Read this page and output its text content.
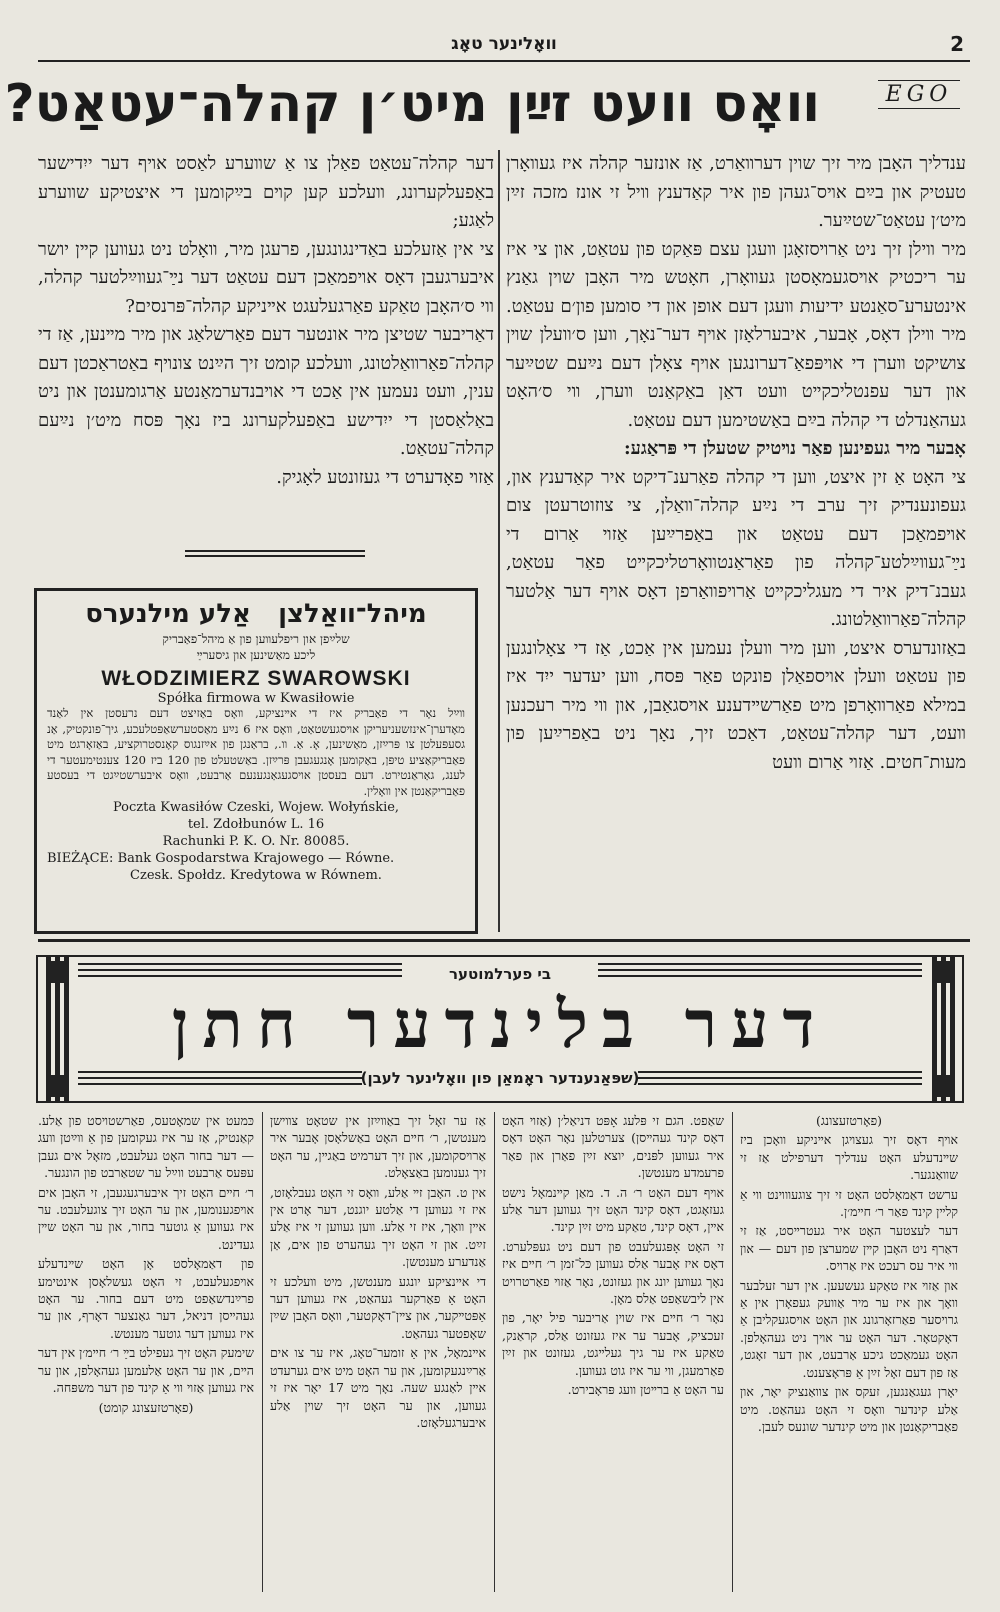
װאָלינער טאָג	2
EGO
װאָס װעט זײַן מיט׳ן קהלה־עטאַט?

ענדליך האָבן מיר זיך שוין דערװאַרט, אַז אונזער קהלה איז געװאָרן טעטיק און בײַם אױס־געהן פון איר קאַדענץ װיל זי אונז מזכה זײַן מיט׳ן עטאַט־שטײַער.

מיר װילן זיך ניט אַרױסזאָגן װעגן עצם פּאַקט פון עטאַט, און צי איז ער ריכטיק אױסגעמאָסטן געװאָרן, חאָטש מיר האָבן שױן גאַנץ אינטערע־סאַנטע ידיעות װעגן דעם אופן און די סומען פון׳ם עטאַט. מיר װילן דאָס, אָבער, איבערלאָזן אױף דער־נאָך, װען ס׳װעלן שױן צושיקט װערן די אױפּפאַ־דערונגען אױף צאָלן דעם נײַעם שטײַער און דער עפנטליכקײט װעט דאַן באַקאַנט װערן, װי ס׳האָט געהאַנדלט די קהלה בײַם באַשטימען דעם עטאַט.

אָבער מיר געפינען פאַר נױטיק שטעלן די פּראַגע:

צי האָט אַ זין איצט, װען די קהלה פאַרענ־דיקט איר קאַדענץ און, געפונענדיק זיך ערב די נײַע קהלה־װאַלן, צי צוזוטרעטן צום אױפמאַכן דעם עטאַט און באַפרײַען אַזױ אַרום די נײַ־געװײַלטע־קהלה פון פאַראַנטװאָרטליכקײט פאַר עטאַט, געבנ־דיק איר די מעגליכקײט אַרױפװאַרפן דאָס אױף דער אַלטער קהלה־פאַרװאַלטונג.

באַזונדערס איצט, װען מיר װעלן נעמען אין אַכט, אַז די צאָלונגען פון עטאַט װעלן אױספאַלן פונקט פאַר פּסח, װען יעדער ייִד איז במילא פאַרװאָרפן מיט פאַרשײדענע אױסגאַבן, און װי מיר רעכנען װעט, דער קהלה־עטאַט, דאַכט זיך, נאָך ניט באַפרײַען פון מעות־חטים. אַזױ אַרום װעט

דער קהלה־עטאַט פאַלן צו אַ שװערע לאַסט אױף דער ייִדישער באַפעלקערונג, װעלכע קען קױם בײַקומען די איצטיקע שװערע לאַגע;

צי אין אַזעלכע באַדינגונגען, פרעגן מיר, װאָלט ניט געװען קײן יושר איבערגעבן דאָס אױפמאַכן דעם עטאַט דער נײַ־געװײַלטער קהלה, װי ס׳האָבן טאַקע פאַרגעלעגט אײניקע קהלה־פּרנסים?

דאַריבער שטיצן מיר אונטער דעם פאַרשלאַג און מיר מײנען, אַז די קהלה־פאַרװאַלטונג, װעלכע קומט זיך הײַנט צונױף באַטראַכטן דעם ענין, װעט נעמען אין אַכט די אױבנדערמאַנטע אַרגומענטן און ניט באַלאַסטן די ייִדישע באַפעלקערונג ביז נאָך פּסח מיט׳ן נײַעם קהלה־עטאַט.

אַזױ פאָדערט די געזונטע לאָגיק.

מיהל־װאַלצן   אַלע מילנערס
שלײַפן און ריפלעװען פון אַ מיהל־פאַבריק
ליכע מאַשינען און גיסערײַ
WŁODZIMIERZ SWAROWSKI
Spółka firmowa w Kwasiłowie
װײַל נאָר די פאַבריק איז די אײנציקע, װאָס באַזיצט דעם נרעסטן אין לאַנד מאָדערן־אינזשעניעריקן אױסגעשטאַט, װאָס איז 6 נײַע מאַסטערשאַפּטלעכע, גיך־פונקטיק, אַנ גסעפּעלטן צו פּרײַזן, מאַשינען, אָ. אַ. װ., בראַנגן פון אײַזנגוס קאָנסטרוקציע, באַזאָרגט מיט פאַבריקאַציע טיפּן, באַקומען אָנגעגעבן פּרײַזן. באַשטעלט פון 120 ביז 120 צענטימעטער די לענג, גאַראַנטירט. דעם בעסטן אױסגעגאַנגענעם אַרבעט, װאָס איבערשטײַגט די בעסטע פאַבריקאַנטן אין װאָלין.
Poczta Kwasiłów Czeski, Wojew. Wołyńskie,
tel. Zdołbunów L. 16
Rachunki P. K. O. Nr. 80085.
BIEŻĄCE: Bank Gospodarstwa Krajowego — Równe.
Czesk. Społdz. Kredytowa w Równem.
בי פערלמוטער
דער בלינדער חתן
(שפּאַנענדער ראָמאַן פון װאָלינער לעבן)

(פאָרטזעצונג)

אױף דאָס זיך געצױגן אײניקע װאָכן ביז שײנדעלע האָט ענדליך דערפילט אַז זי שװאַנגער.

ערשט דאַמאָלסט האָט זי זיך צוגעװױנט װי אַ קלײן קינד פאַר ר׳ חײמ׳ן.

דער לעצטער האָט איר געטרײסט, אַז זי דאַרף ניט האָבן קײן שמערצן פון דעם — און װי איר עס רעכט איז אַרױס.

און אַזױ איז טאַקע געשעען. אין דער זעלבער װאָך און איז ער מיר אַװעק געפאָרן אין אַ גרױסער פאַרזאָרגונג און האָט אױסגעקליבן אַ דאָקטאָר. דער האָט ער אױך ניט געהאָלפן. האָט געמאַכט גיכע אַרבעט, און דער זאָגט, אַז פון דעם זאָל זײַן אַ פּראָצענט.

יאָרן געגאַנגען, זעקס און צװאַנציק יאָר, און אַלע קינדער װאָס זי האָט געהאַט. מיט פאַבריקאַנטן און מיט קינדער שונעס לעבן.

שאַפט. הגם זי פּלעג אָפּט דניאַל׳ן (אַזױ האָט דאָס קינד געהײסן) צערטלען נאָר האָט דאָס איר געװען לפּנים, יוצא זײַן פאַרן און פאַר פרעמדע מענטשן.

אױף דעם האָט ר׳ ה. ד. מאַן קײנמאָל נישט געזאָגט, דאָס קינד האָט זיך געװען דער אַלע אײן, דאָס קינד, טאַקע מיט זײַן קינד.

זי האָט אָפּגעלעבט פון דעם ניט געפּלערט. דאָס איז אָבער אַלס געװען כּל־זמן ר׳ חײם איז נאָך געװען יונג און געזונט, נאָר אַזױ פאַרטרױט אין ליבשאַפט אַלס מאָן.

נאָר ר׳ חײם איז שױן אַריבער פיל יאָר, פון זעכציק, אָבער ער איז געזונט אַלס, קראַנק, טאַקע איז ער גיך געלײגט, געזונט און זײַן פאַרמעגן, װי ער איז גוט געװען.

ער האָט אַ ברײטן װעג פּראָבירט.

אַז ער זאָל זיך באַװײַזן אין שטאָט צװישן מענטשן, ר׳ חײם האָט באַשלאָסן אָבער איר אַרױסקומען, און זיך דערמיט באַגײן, ער האָט זיך גענומען באַצאָלט.

אין ט. האָבן זײ אַלע, װאָס זי האָט געבלאָזט, איז זי געװען די אַלטע יוגנט, דער אָרט אין אײן װאָך, איז זי אַלע. װען געװען זי איז אַלע זײַט. און זי האָט זיך געהערט פון אים, אַן אַנדערע מענטשן.

די אײנציקע יונגע מענטשן, מיט װעלכע זי האָט אַ פאַרקער געהאַט, איז געװען דער אַפּטײקער, און צײן־דאָקטער, װאָס האָבן שײַן שאָפטער געהאַט.

אײנמאָל, אין אַ זומער־טאָג, איז ער צו אים אַרײַנגעקומען, און ער האָט מיט אים גערעדט אײן לאַנגע שעה. נאָך מיט 17 יאָר איז זי געװען, און ער האָט זיך שױן אַלע איבערגעלאָזט.

כּמעט אין שמאָטעס, פאַרשטױסט פון אַלע. קאַנטיק, אַז ער איז געקומען פון אַ װײַטן װעג — דער בחור האָט געלעבט, מזאָל אים געבן עפּעס אַרבעט װײַל ער שטאַרבט פון הונגער.

ר׳ חײם האָט זיך איבערגעגעבן, זי האָבן אים אױפגענומען, און ער האָט זיך צוגעלעבט. ער איז געװען אַ גוטער בחור, און ער האָט שײן געדינט.

פון דאַמאָלסט אָן האָט שײנדעלע אױפגעלעבט, זי האָט געשלאָסן אינטימע פרײַנדשאַפט מיט דעם בחור. ער האָט געהײסן דניאל, דער גאַנצער דאָרף, און ער איז געװען דער גוטער מענטש.

שימעק האָט זיך געפילט בײַ ר׳ חײמ׳ן אין דער הײם, און ער האָט אַלעמען געהאָלפן, און ער איז געװען אַזױ װי אַ קינד פון דער משפּחה.

(פאָרטזעצונג קומט)
